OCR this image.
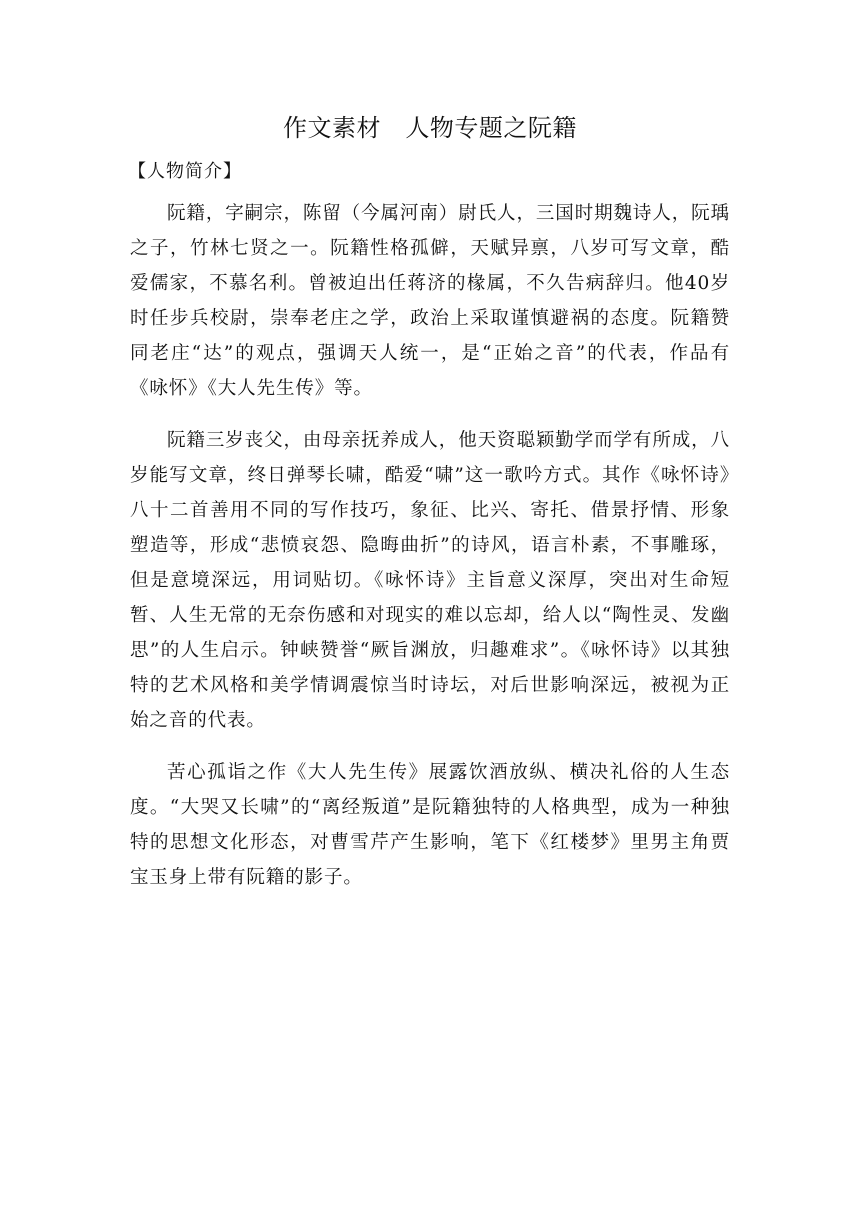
作文素材   人物专题之阮籍
【人物简介】

阮籍，字嗣宗，陈留（今属河南）尉氏人，三国时期魏诗人，阮瑀之子，竹林七贤之一。阮籍性格孤僻，天赋异禀，八岁可写文章，酷爱儒家，不慕名利。曾被迫出任蒋济的椽属，不久告病辞归。他40岁时任步兵校尉，崇奉老庄之学，政治上采取谨慎避祸的态度。阮籍赞同老庄“达”的观点，强调天人统一，是“正始之音”的代表，作品有《咏怀》《大人先生传》等。

阮籍三岁丧父，由母亲抚养成人，他天资聪颖勤学而学有所成，八岁能写文章，终日弹琴长啸，酷爱“啸”这一歌吟方式。其作《咏怀诗》八十二首善用不同的写作技巧，象征、比兴、寄托、借景抒情、形象塑造等，形成“悲愤哀怨、隐晦曲折”的诗风，语言朴素，不事雕琢，但是意境深远，用词贴切。《咏怀诗》主旨意义深厚，突出对生命短暂、人生无常的无奈伤感和对现实的难以忘却，给人以“陶性灵、发幽思”的人生启示。钟峡赞誉“厥旨渊放，归趣难求”。《咏怀诗》以其独特的艺术风格和美学情调震惊当时诗坛，对后世影响深远，被视为正始之音的代表。

苦心孤诣之作《大人先生传》展露饮酒放纵、横决礼俗的人生态度。“大哭又长啸”的“离经叛道”是阮籍独特的人格典型，成为一种独特的思想文化形态，对曹雪芹产生影响，笔下《红楼梦》里男主角贾宝玉身上带有阮籍的影子。
